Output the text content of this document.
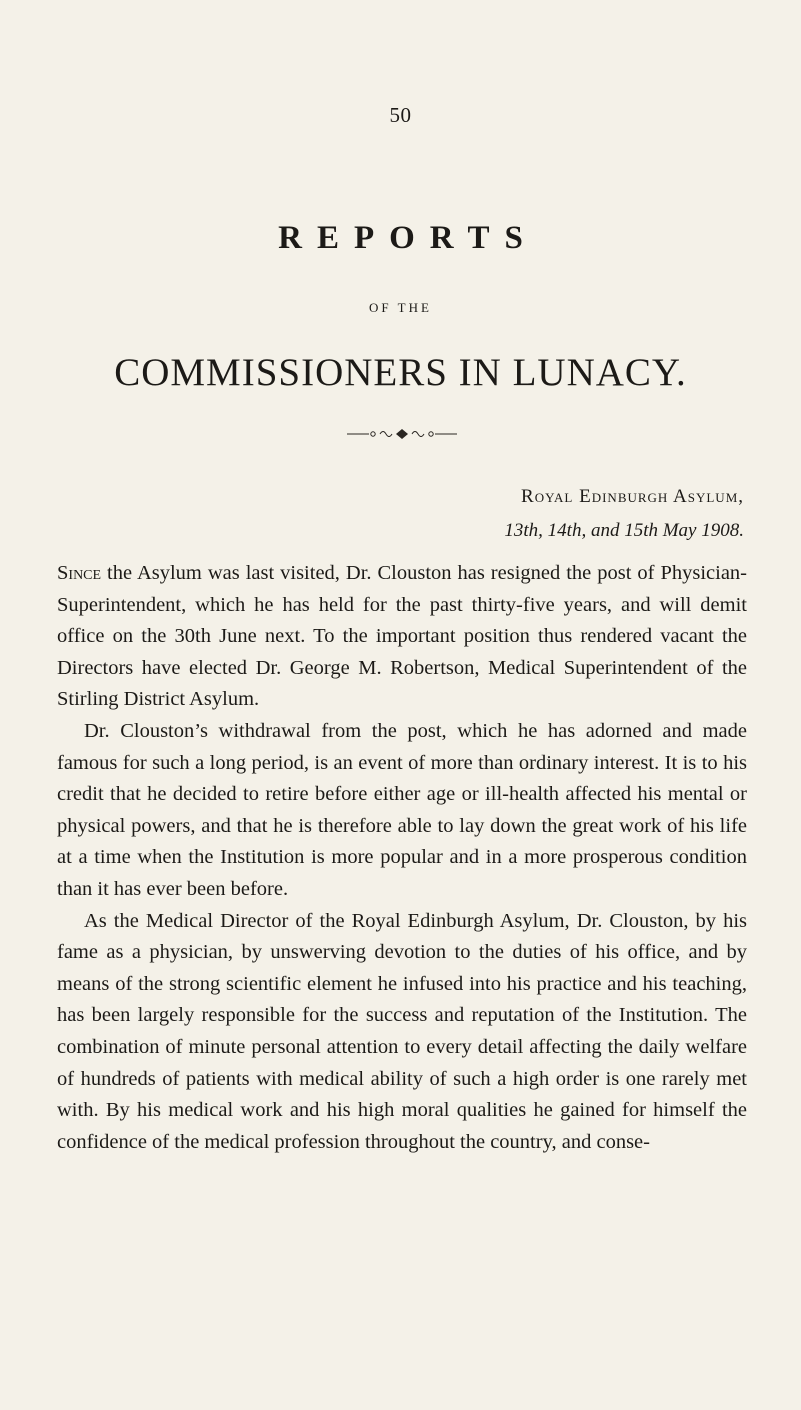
50
REPORTS
OF THE
COMMISSIONERS IN LUNACY.
Royal Edinburgh Asylum,
13th, 14th, and 15th May 1908.

Since the Asylum was last visited, Dr. Clouston has resigned the post of Physician-Superintendent, which he has held for the past thirty-five years, and will demit office on the 30th June next. To the important position thus rendered vacant the Directors have elected Dr. George M. Robertson, Medical Superintendent of the Stirling District Asylum.

Dr. Clouston’s withdrawal from the post, which he has adorned and made famous for such a long period, is an event of more than ordinary interest. It is to his credit that he decided to retire before either age or ill-health affected his mental or physical powers, and that he is therefore able to lay down the great work of his life at a time when the Institution is more popular and in a more prosperous condition than it has ever been before.

As the Medical Director of the Royal Edinburgh Asylum, Dr. Clouston, by his fame as a physician, by unswerving devotion to the duties of his office, and by means of the strong scientific element he infused into his practice and his teaching, has been largely responsible for the success and reputation of the Institution. The combination of minute personal attention to every detail affecting the daily welfare of hundreds of patients with medical ability of such a high order is one rarely met with. By his medical work and his high moral qualities he gained for himself the confidence of the medical profession throughout the country, and conse-
